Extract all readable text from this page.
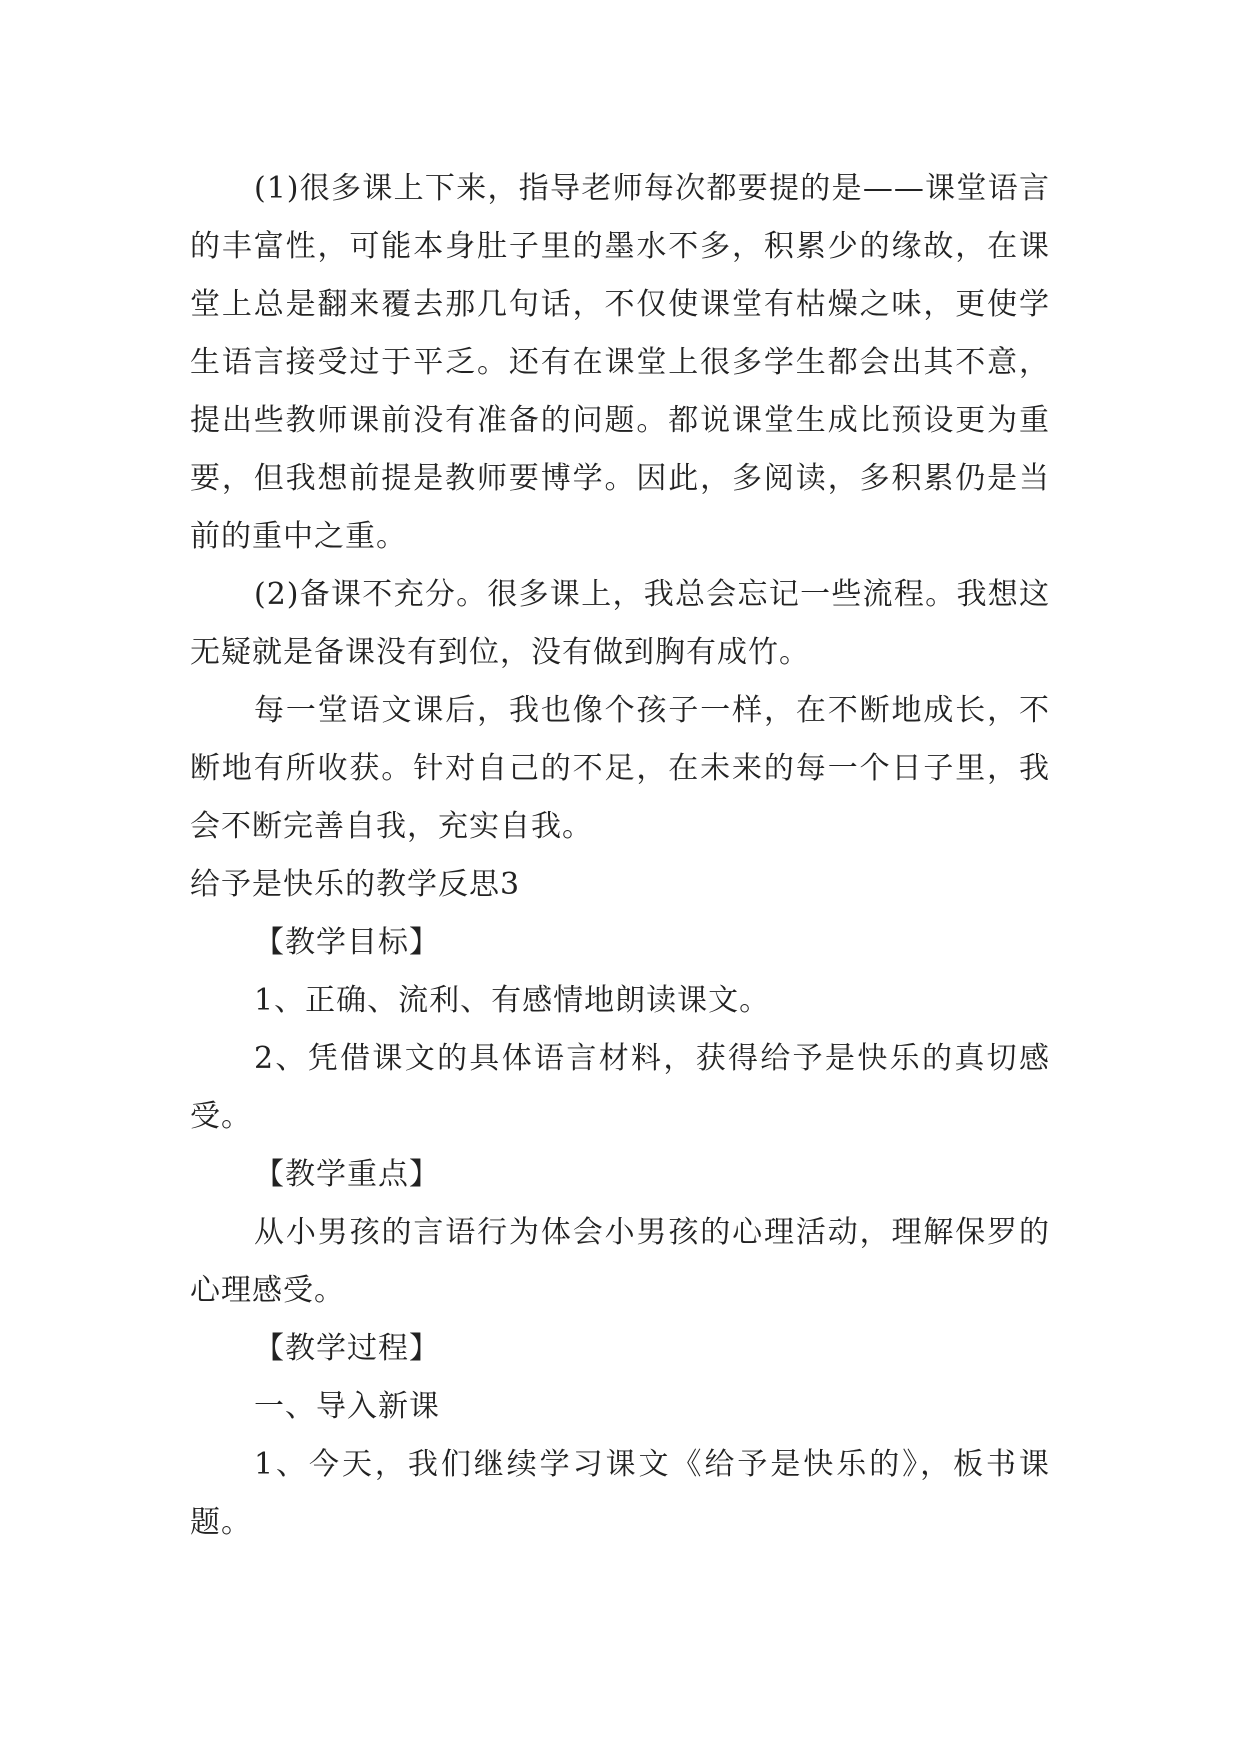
(1)很多课上下来，指导老师每次都要提的是——课堂语言的丰富性，可能本身肚子里的墨水不多，积累少的缘故，在课堂上总是翻来覆去那几句话，不仅使课堂有枯燥之味，更使学生语言接受过于平乏。还有在课堂上很多学生都会出其不意，提出些教师课前没有准备的问题。都说课堂生成比预设更为重要，但我想前提是教师要博学。因此，多阅读，多积累仍是当前的重中之重。

(2)备课不充分。很多课上，我总会忘记一些流程。我想这无疑就是备课没有到位，没有做到胸有成竹。

每一堂语文课后，我也像个孩子一样，在不断地成长，不断地有所收获。针对自己的不足，在未来的每一个日子里，我会不断完善自我，充实自我。

给予是快乐的教学反思3

【教学目标】

1、正确、流利、有感情地朗读课文。

2、凭借课文的具体语言材料，获得给予是快乐的真切感受。

【教学重点】

从小男孩的言语行为体会小男孩的心理活动，理解保罗的心理感受。

【教学过程】

一、导入新课

1、今天，我们继续学习课文《给予是快乐的》，板书课题。
